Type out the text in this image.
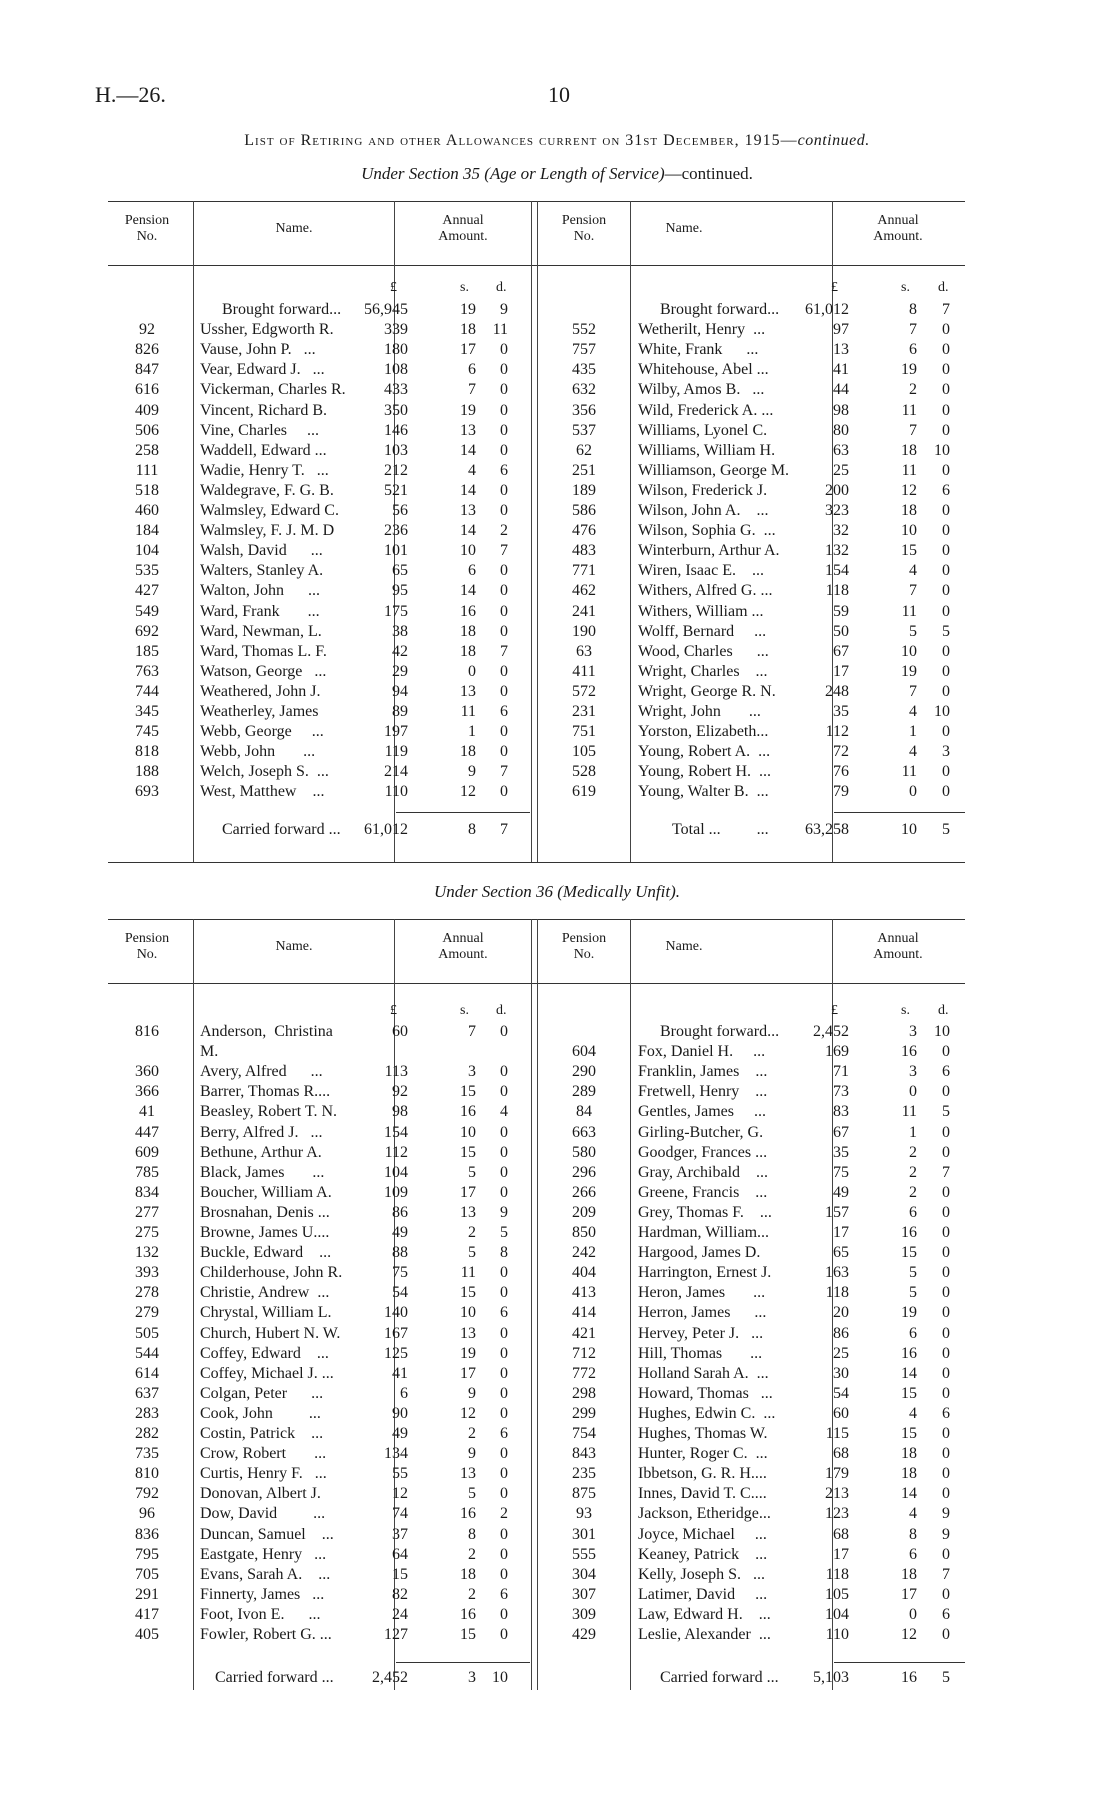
H.—26.	10
List of Retiring and other Allowances current on 31st December, 1915—continued.
Under Section 35 (Age or Length of Service)—continued.
Pension
No.
Name.
Annual
Amount.
Pension
No.
Name.
Annual
Amount.
£	s. d.	£	s. d.
Brought forward... 56,945	19 9	Brought forward... 61,012	8 7
92	Ussher, Edgworth R.	339	18 11
826	Vause, John P.   ...	180	17 0
847	Vear, Edward J.   ...	108	6 0
616	Vickerman, Charles R. 433	7 0
409	Vincent, Richard B.	350	19 0
506	Vine, Charles     ...	146	13 0
258	Waddell, Edward ...	103	14 0
111	Wadie, Henry T.   ...	212	4 6
518	Waldegrave, F. G. B.	521	14 0
460	Walmsley, Edward C.	56	13 0
184	Walmsley, F. J. M. D	236	14 2
104	Walsh, David      ...	101	10 7
535	Walters, Stanley A.	65	6 0
427	Walton, John      ...	95	14 0
549	Ward, Frank       ...	175	16 0
692	Ward, Newman, L.	38	18 0
185	Ward, Thomas L. F.	42	18 7
763	Watson, George   ...	29	0 0
744	Weathered, John J.	94	13 0
345	Weatherley, James	89	11 6
745	Webb, George     ...	197	1 0
818	Webb, John       ...	119	18 0
188	Welch, Joseph S.  ...	214	9 7
693	West, Matthew    ...	110	12 0
552	Wetherilt, Henry  ...	97	7 0
757	White, Frank      ...	13	6 0
435	Whitehouse, Abel ...	41	19 0
632	Wilby, Amos B.   ...	44	2 0
356	Wild, Frederick A. ...	98	11 0
537	Williams, Lyonel C.	80	7 0
62	Williams, William H.	63	18 10
251	Williamson, George M.	25	11 0
189	Wilson, Frederick J.	200	12 6
586	Wilson, John A.    ...	323	18 0
476	Wilson, Sophia G.  ...	32	10 0
483	Winterburn, Arthur A.	132	15 0
771	Wiren, Isaac E.    ...	154	4 0
462	Withers, Alfred G. ...	118	7 0
241	Withers, William ...	59	11 0
190	Wolff, Bernard     ...	50	5 5
63	Wood, Charles      ...	67	10 0
411	Wright, Charles    ...	17	19 0
572	Wright, George R. N.	248	7 0
231	Wright, John       ...	35	4 10
751	Yorston, Elizabeth...	112	1 0
105	Young, Robert A.  ...	72	4 3
528	Young, Robert H.  ...	76	11 0
619	Young, Walter B.  ...	79	0 0
Carried forward ... 61,012	8 7	Total ...         ... 63,258	10 5
Under Section 36 (Medically Unfit).
Pension
No.
Name.
Annual
Amount.
Pension
No.
Name.
Annual
Amount.
£	s. d.	£	s. d.
816	Anderson,  Christina	60	7 0
M.
360	Avery, Alfred      ...	113	3 0
366	Barrer, Thomas R....	92	15 0
41	Beasley, Robert T. N.	98	16 4
447	Berry, Alfred J.   ...	154	10 0
609	Bethune, Arthur A.	112	15 0
785	Black, James       ...	104	5 0
834	Boucher, William A.	109	17 0
277	Brosnahan, Denis ...	86	13 9
275	Browne, James U....	49	2 5
132	Buckle, Edward    ...	88	5 8
393	Childerhouse, John R.	75	11 0
278	Christie, Andrew  ...	54	15 0
279	Chrystal, William L.	140	10 6
505	Church, Hubert N. W.	167	13 0
544	Coffey, Edward    ...	125	19 0
614	Coffey, Michael J. ...	41	17 0
637	Colgan, Peter      ...	6	9 0
283	Cook, John         ...	90	12 0
282	Costin, Patrick    ...	49	2 6
735	Crow, Robert       ...	134	9 0
810	Curtis, Henry F.   ...	55	13 0
792	Donovan, Albert J.	12	5 0
96	Dow, David         ...	74	16 2
836	Duncan, Samuel    ...	37	8 0
795	Eastgate, Henry   ...	64	2 0
705	Evans, Sarah A.    ...	15	18 0
291	Finnerty, James   ...	82	2 6
417	Foot, Ivon E.      ...	24	16 0
405	Fowler, Robert G. ...	127	15 0
Brought forward... 2,452	3 10
604	Fox, Daniel H.     ...	169	16 0
290	Franklin, James    ...	71	3 6
289	Fretwell, Henry    ...	73	0 0
84	Gentles, James     ...	83	11 5
663	Girling-Butcher, G.	67	1 0
580	Goodger, Frances ...	35	2 0
296	Gray, Archibald    ...	75	2 7
266	Greene, Francis    ...	49	2 0
209	Grey, Thomas F.    ...	157	6 0
850	Hardman, William...	17	16 0
242	Hargood, James D.	65	15 0
404	Harrington, Ernest J.	163	5 0
413	Heron, James       ...	118	5 0
414	Herron, James      ...	20	19 0
421	Hervey, Peter J.   ...	86	6 0
712	Hill, Thomas       ...	25	16 0
772	Holland Sarah A.  ...	30	14 0
298	Howard, Thomas   ...	54	15 0
299	Hughes, Edwin C.  ...	60	4 6
754	Hughes, Thomas W.	115	15 0
843	Hunter, Roger C.  ...	68	18 0
235	Ibbetson, G. R. H....	179	18 0
875	Innes, David T. C....	213	14 0
93	Jackson, Etheridge...	123	4 9
301	Joyce, Michael     ...	68	8 9
555	Keaney, Patrick    ...	17	6 0
304	Kelly, Joseph S.   ...	118	18 7
307	Latimer, David     ...	105	17 0
309	Law, Edward H.    ...	104	0 6
429	Leslie, Alexander  ...	110	12 0
Carried forward ... 2,452	3 10	Carried forward ... 5,103	16 5
